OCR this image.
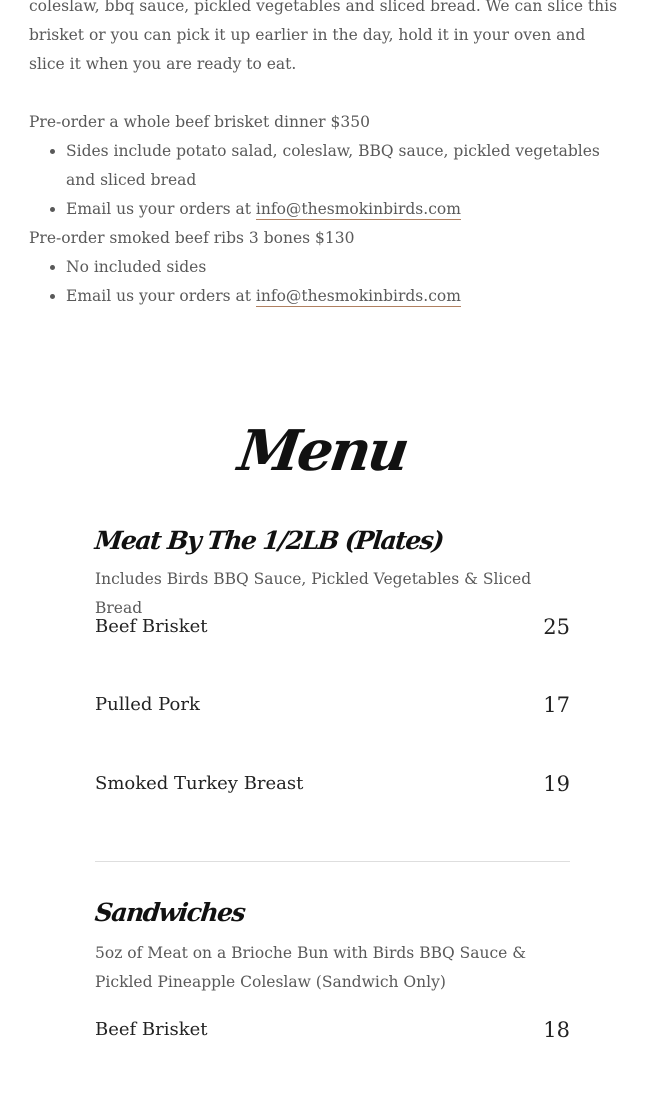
coleslaw, bbq sauce, pickled vegetables and sliced bread. We can slice this brisket or you can pick it up earlier in the day, hold it in your oven and slice it when you are ready to eat.

Pre-order a whole beef brisket dinner $350

• Sides include potato salad, coleslaw, BBQ sauce, pickled vegetables and sliced bread
• Email us your orders at info@thesmokinbirds.com

Pre-order smoked beef ribs 3 bones $130

• No included sides
• Email us your orders at info@thesmokinbirds.com
Menu
Meat By The 1/2LB (Plates)
Includes Birds BBQ Sauce, Pickled Vegetables & Sliced Bread
Beef Brisket	25
Pulled Pork	17
Smoked Turkey Breast	19
Sandwiches
5oz of Meat on a Brioche Bun with Birds BBQ Sauce & Pickled Pineapple Coleslaw (Sandwich Only)
Beef Brisket	18
